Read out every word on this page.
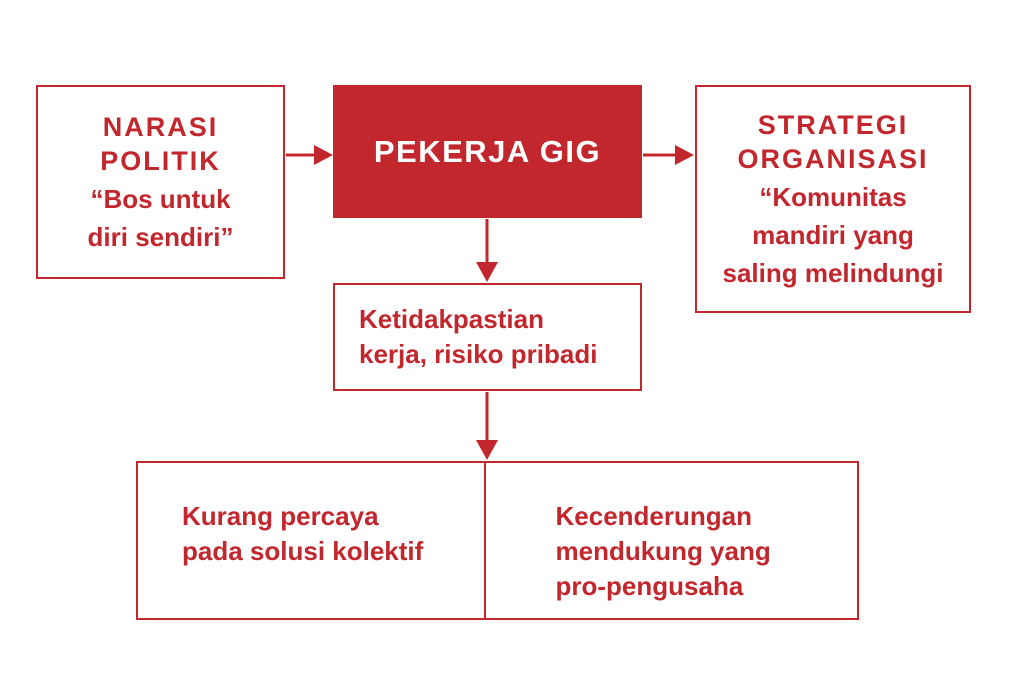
NARASI
POLITIK
“Bos untuk
diri sendiri”
PEKERJA GIG
STRATEGI
ORGANISASI
“Komunitas
mandiri yang
saling melindungi
Ketidakpastian
kerja, risiko pribadi
Kurang percaya
pada solusi kolektif
Kecenderungan
mendukung yang
pro-pengusaha
